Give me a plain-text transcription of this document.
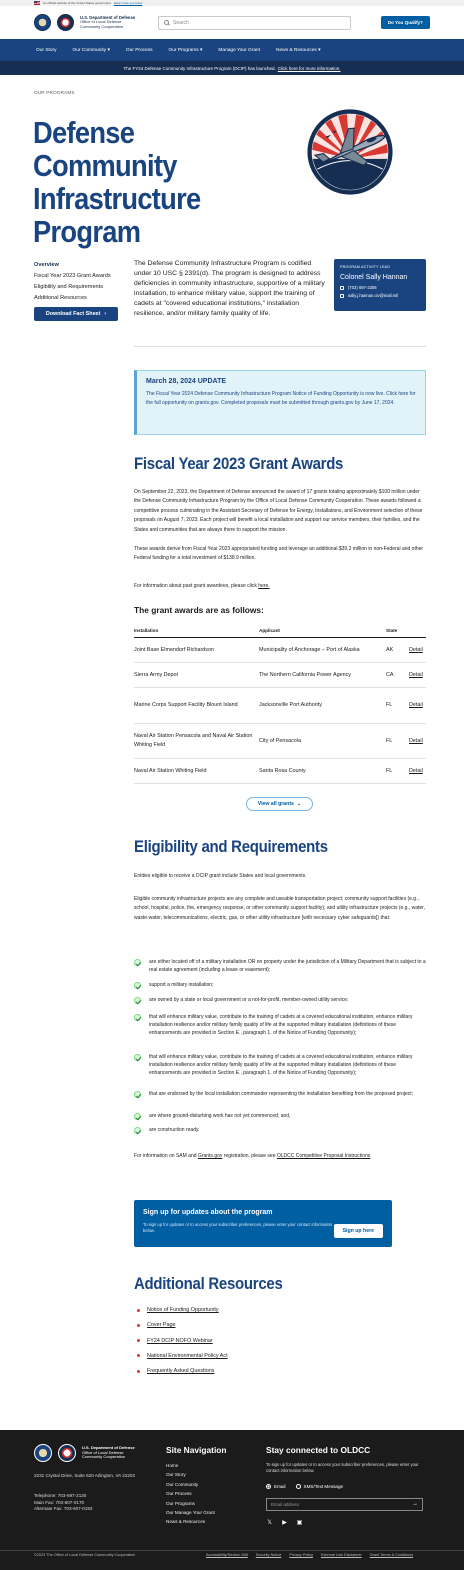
An official website of the United States government Here's how you know
U.S. Department of Defense
Office of Local Defense
Community Cooperation
Search	Do You Qualify?
Our Story	Our Community ▾	Our Process	Our Programs ▾	Manage Your Grant	News & Resources ▾
The FY24 Defense Community Infrastructure Program (DCIP) has launched. Click here for more information.
OUR PROGRAMS
Defense Community Infrastructure Program
Overview
Fiscal Year 2023 Grant Awards
Eligibility and Requirements
Additional Resources
Download Fact Sheet ›

The Defense Community Infrastructure Program is codified under 10 USC § 2391(d). The program is designed to address deficiencies in community infrastructure, supportive of a military installation, to enhance military value, support the training of cadets at "covered educational institutions," installation resilience, and/or military family quality of life.

PROGRAM ACTIVITY LEAD
Colonel Sally Hannan
(703) 697-2306
sally.j.hannan.civ@mail.mil
March 28, 2024 UPDATE

The Fiscal Year 2024 Defense Community Infrastructure Program Notice of Funding Opportunity is now live. Click here for the full opportunity on grants.gov. Completed proposals must be submitted through grants.gov by June 17, 2024.

Fiscal Year 2023 Grant Awards

On September 22, 2023, the Department of Defense announced the award of 17 grants totaling approximately $100 million under the Defense Community Infrastructure Program by the Office of Local Defense Community Cooperation. These awards followed a competitive process culminating in the Assistant Secretary of Defense for Energy, Installations, and Environment selection of these proposals on August 7, 2023. Each project will benefit a local installation and support our service members, their families, and the States and communities that are always there to support the mission.

These awards derive from Fiscal Year 2023 appropriated funding and leverage an additional $39.2 million in non-Federal and other Federal funding for a total investment of $138.9 million.

For information about past grant awardees, please click here.

The grant awards are as follows:
Installation	Applicant	State	
Joint Base Elmendorf Richardson	Municipality of Anchorage – Port of Alaska	AK	Detail
Sierra Army Depot	The Northern California Power Agency	CA	Detail
Marine Corps Support Facility Blount Island	Jacksonville Port Authority	FL	Detail
Naval Air Station Pensacola and Naval Air Station Whiting Field	City of Pensacola	FL	Detail
Naval Air Station Whiting Field	Santa Rosa County	FL	Detail
View all grants ⌄
Eligibility and Requirements

Entities eligible to receive a DCIP grant include States and local governments.

Eligible community infrastructure projects are any complete and useable transportation project; community support facilities (e.g., school, hospital, police, fire, emergency response, or other community support facility); and utility infrastructure projects (e.g., water, waste-water, telecommunications, electric, gas, or other utility infrastructure [with necessary cyber safeguards]) that:

are either located off of a military installation OR on property under the jurisdiction of a Military Department that is subject to a real estate agreement (including a lease or easement);
support a military installation;
are owned by a state or local government or a not-for-profit, member-owned utility service;
that will enhance military value, contribute to the training of cadets at a covered educational institution, enhance military installation resilience and/or military family quality of life at the supported military installation (definitions of these enhancements are provided in Section E., paragraph 1. of the Notice of Funding Opportunity);
that will enhance military value, contribute to the training of cadets at a covered educational institution, enhance military installation resilience and/or military family quality of life at the supported military installation (definitions of these enhancements are provided in Section E., paragraph 1. of the Notice of Funding Opportunity);
that are endorsed by the local installation commander representing the installation benefiting from the proposed project;
are where ground-disturbing work has not yet commenced; and,
are construction ready.

For information on SAM and Grants.gov registration, please see OLDCC Competitive Proposal Instructions

Sign up for updates about the program

To sign up for updates or to access your subscriber preferences, please enter your contact information below.	Sign up here
Additional Resources
Notice of Funding Opportunity
Cover Page
FY24 DCIP NOFO Webinar
National Environmental Policy Act
Frequently Asked Questions
U.S. Department of Defense
Office of Local Defense
Community Cooperation
2231 Crystal Drive, Suite 520 Arlington, VA 22202
Telephone: 703-697-2130
Main Fax: 703-607-0170
Alternate Fax: 703-607-0193
Site Navigation
Home
Our Story
Our Community
Our Process
Our Programs
Our Manage Your Grant
News & Resources
Stay connected to OLDCC
To sign up for updates or to access your subscriber preferences, please enter your contact information below.
Email	SMS/Text Message
Email address	→
𝕏 ▶ ▣
©2023 The Office of Local Defense Community Cooperation	Accessibility/Section 508 Security Notice Privacy Policy External Link Disclaimer Grant Terms & Conditions
